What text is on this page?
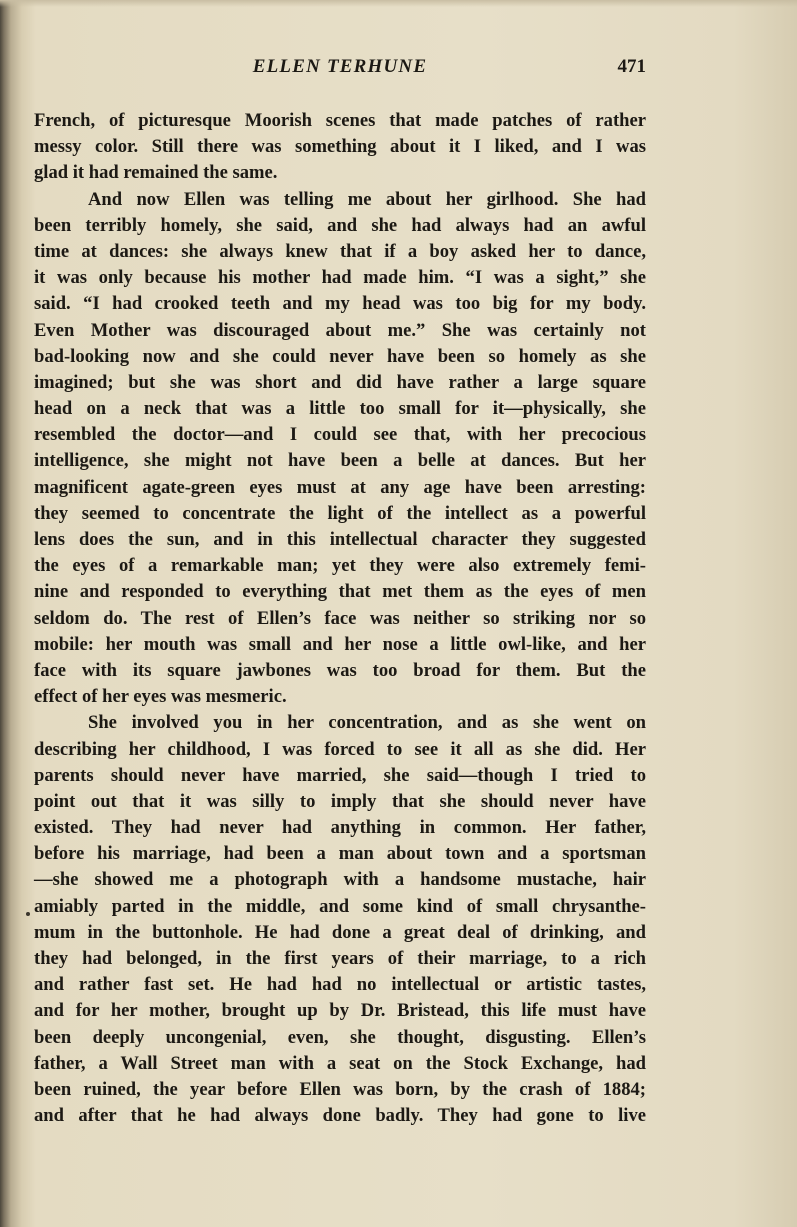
ELLEN TERHUNE	471
French, of picturesque Moorish scenes that made patches of rather
messy color. Still there was something about it I liked, and I was
glad it had remained the same.
And now Ellen was telling me about her girlhood. She had
been terribly homely, she said, and she had always had an awful
time at dances: she always knew that if a boy asked her to dance,
it was only because his mother had made him. “I was a sight,” she
said. “I had crooked teeth and my head was too big for my body.
Even Mother was discouraged about me.” She was certainly not
bad-looking now and she could never have been so homely as she
imagined; but she was short and did have rather a large square
head on a neck that was a little too small for it—physically, she
resembled the doctor—and I could see that, with her precocious
intelligence, she might not have been a belle at dances. But her
magnificent agate-green eyes must at any age have been arresting:
they seemed to concentrate the light of the intellect as a powerful
lens does the sun, and in this intellectual character they suggested
the eyes of a remarkable man; yet they were also extremely femi-
nine and responded to everything that met them as the eyes of men
seldom do. The rest of Ellen’s face was neither so striking nor so
mobile: her mouth was small and her nose a little owl-like, and her
face with its square jawbones was too broad for them. But the
effect of her eyes was mesmeric.
She involved you in her concentration, and as she went on
describing her childhood, I was forced to see it all as she did. Her
parents should never have married, she said—though I tried to
point out that it was silly to imply that she should never have
existed. They had never had anything in common. Her father,
before his marriage, had been a man about town and a sportsman
—she showed me a photograph with a handsome mustache, hair
amiably parted in the middle, and some kind of small chrysanthe-
mum in the buttonhole. He had done a great deal of drinking, and
they had belonged, in the first years of their marriage, to a rich
and rather fast set. He had had no intellectual or artistic tastes,
and for her mother, brought up by Dr. Bristead, this life must have
been deeply uncongenial, even, she thought, disgusting. Ellen’s
father, a Wall Street man with a seat on the Stock Exchange, had
been ruined, the year before Ellen was born, by the crash of 1884;
and after that he had always done badly. They had gone to live
